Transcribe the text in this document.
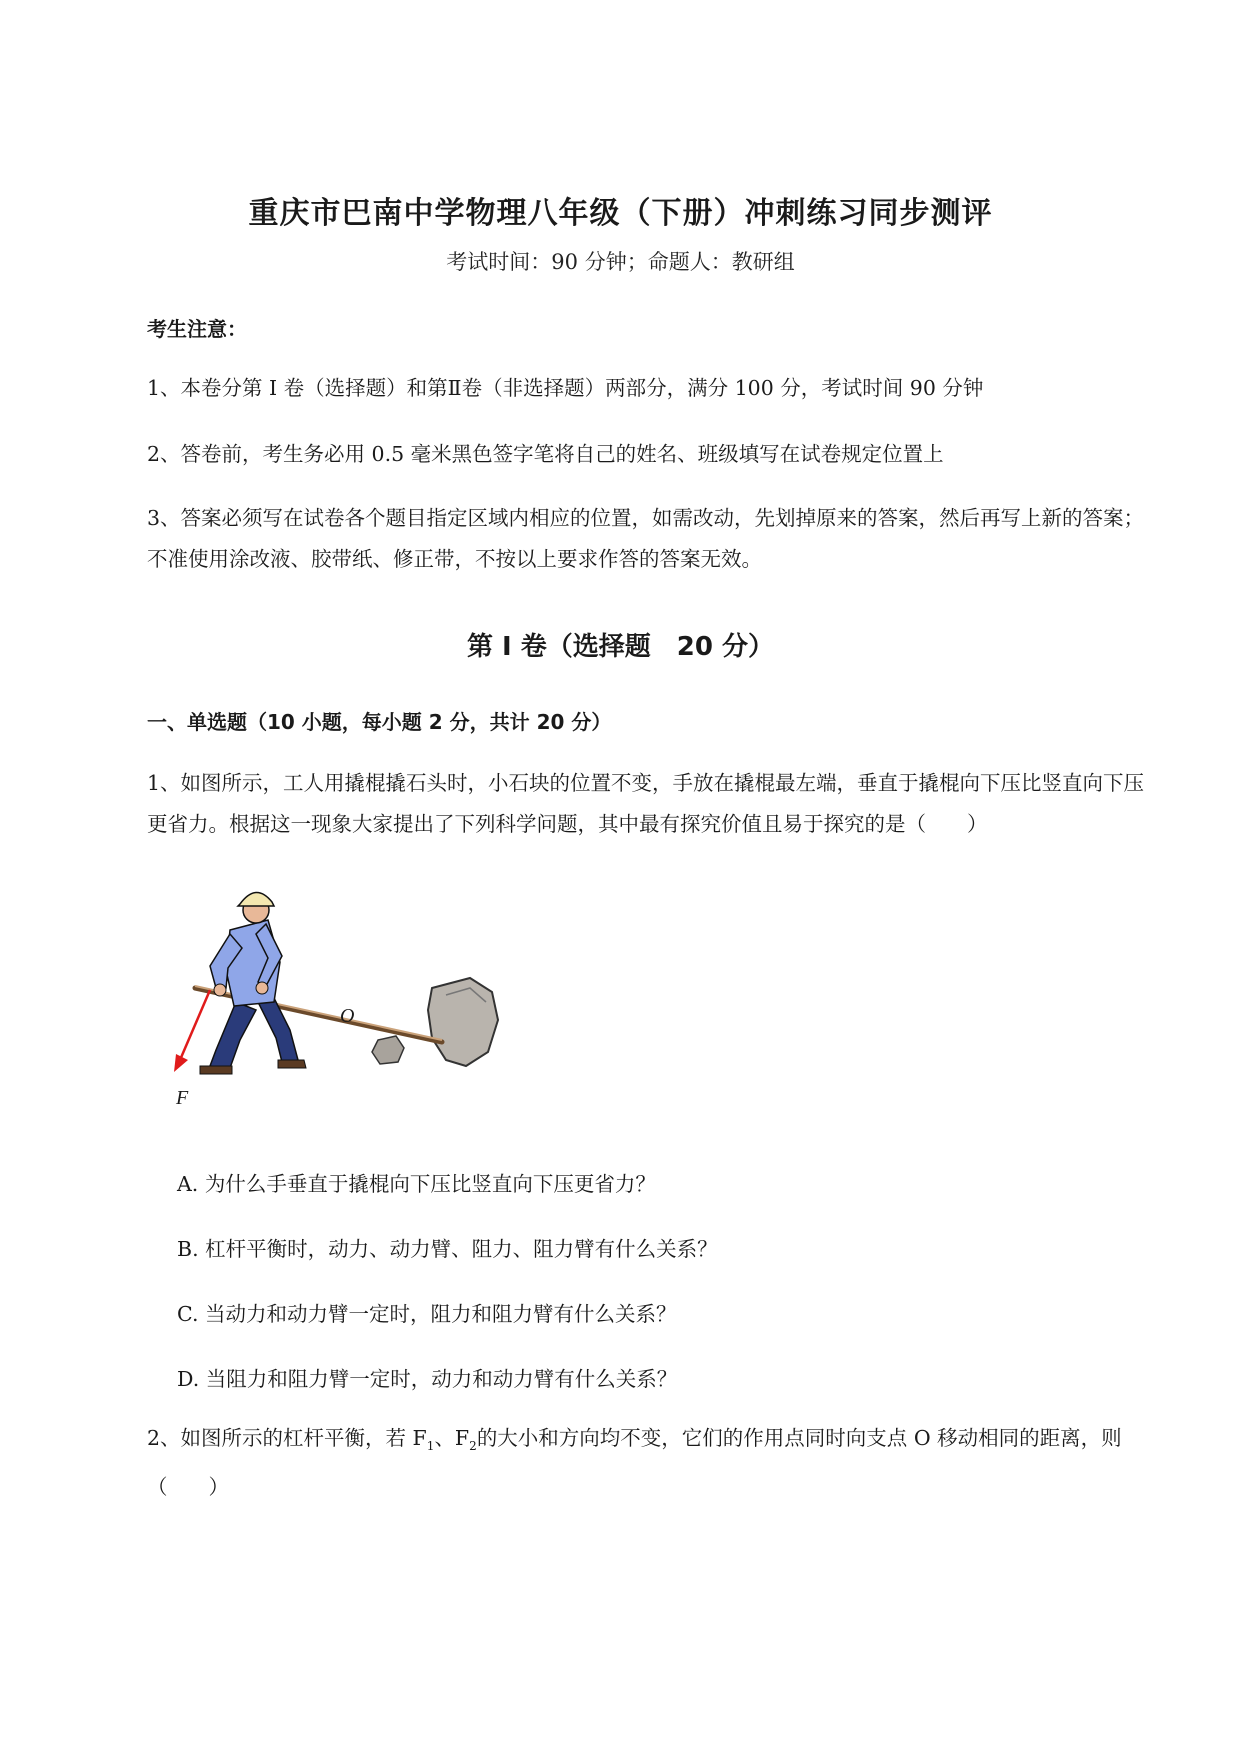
重庆市巴南中学物理八年级（下册）冲刺练习同步测评
考试时间：90 分钟；命题人：教研组
考生注意：

1、本卷分第 I 卷（选择题）和第Ⅱ卷（非选择题）两部分，满分 100 分，考试时间 90 分钟

2、答卷前，考生务必用 0.5 毫米黑色签字笔将自己的姓名、班级填写在试卷规定位置上

3、答案必须写在试卷各个题目指定区域内相应的位置，如需改动，先划掉原来的答案，然后再写上新的答案；不准使用涂改液、胶带纸、修正带，不按以上要求作答的答案无效。

第 I 卷（选择题　20 分）
一、单选题（10 小题，每小题 2 分，共计 20 分）

1、如图所示，工人用撬棍撬石头时，小石块的位置不变，手放在撬棍最左端，垂直于撬棍向下压比竖直向下压更省力。根据这一现象大家提出了下列科学问题，其中最有探究价值且易于探究的是（　　）

O
F
A. 为什么手垂直于撬棍向下压比竖直向下压更省力？
B. 杠杆平衡时，动力、动力臂、阻力、阻力臂有什么关系？
C. 当动力和动力臂一定时，阻力和阻力臂有什么关系？
D. 当阻力和阻力臂一定时，动力和动力臂有什么关系？

2、如图所示的杠杆平衡，若 $F_1$、$F_2$的大小和方向均不变，它们的作用点同时向支点 O 移动相同的距离，则（　　）
